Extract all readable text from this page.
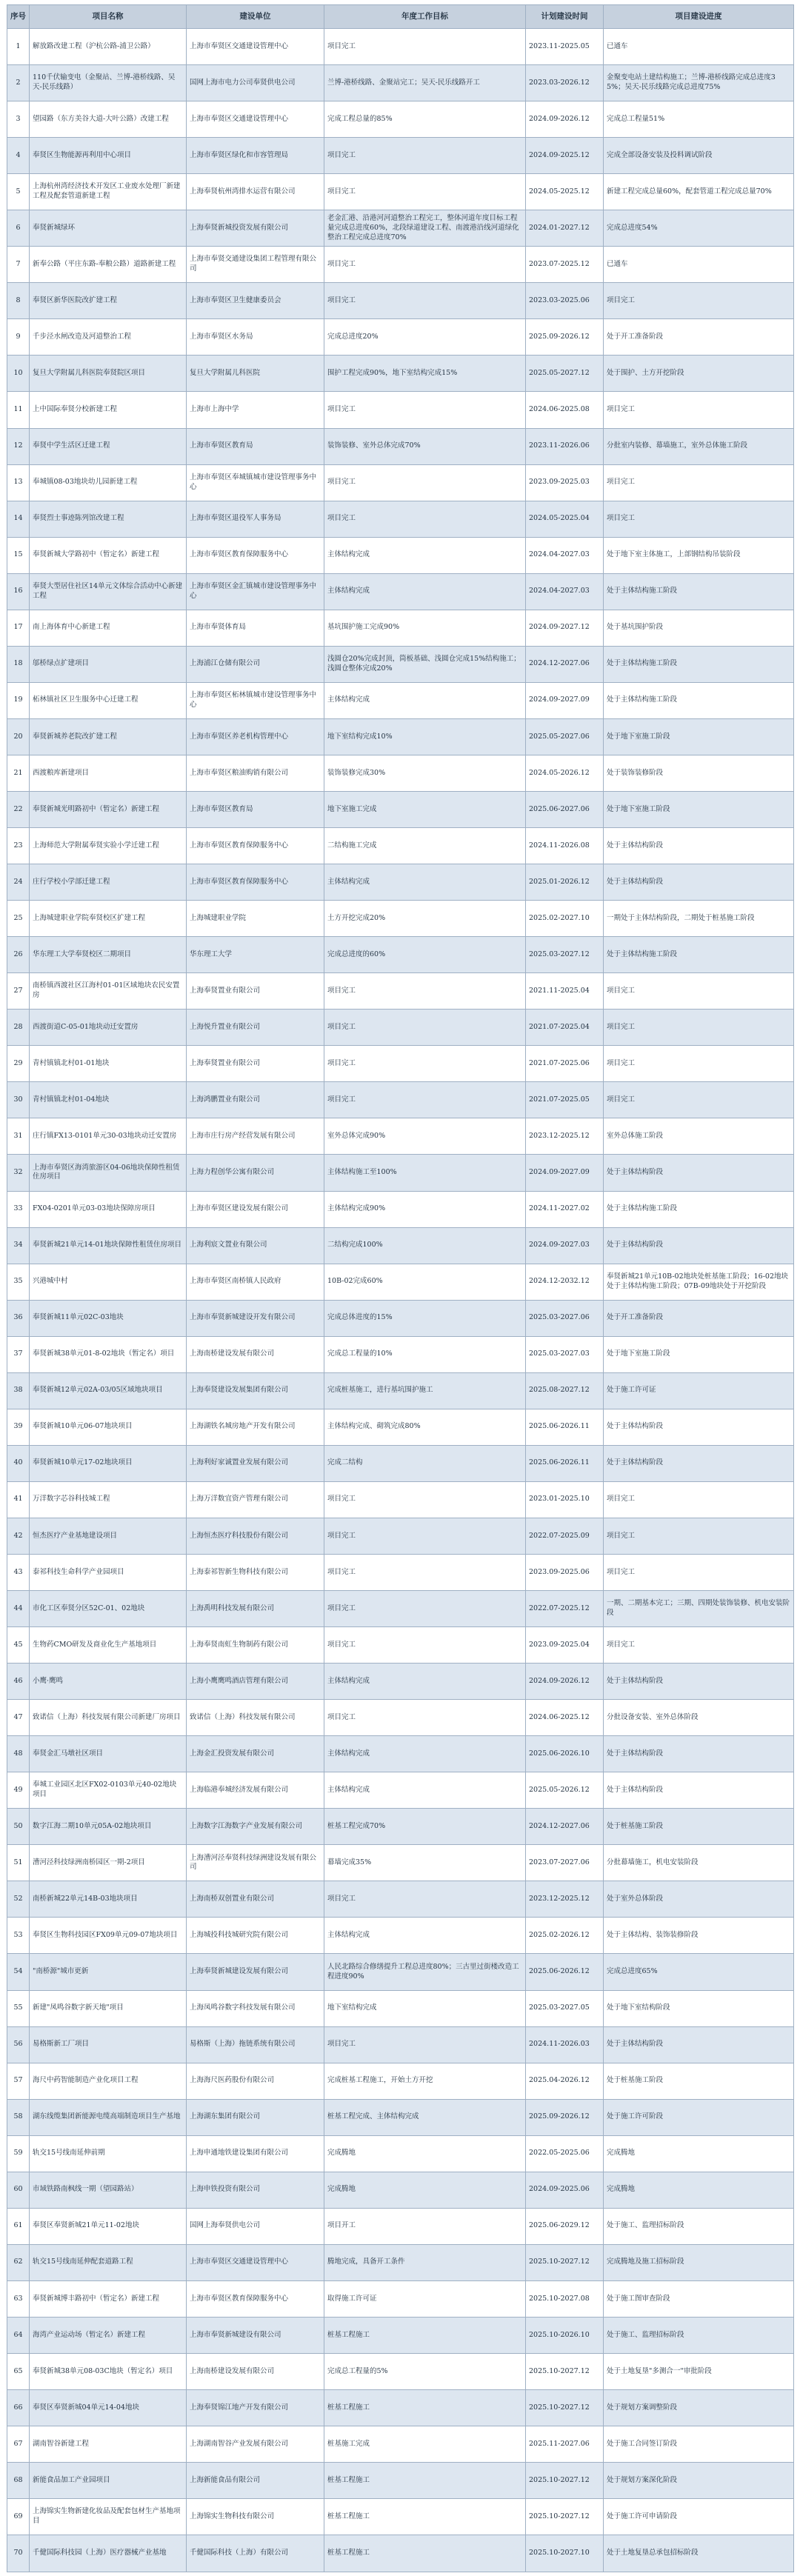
序号	项目名称	建设单位	年度工作目标	计划建设时间	项目建设进度
1	解放路改建工程（沪杭公路-浦卫公路）	上海市奉贤区交通建设管理中心	项目完工	2023.11-2025.05	已通车
2	110千伏输变电（金聚站、兰博-港桥线路、吴天-民乐线路）	国网上海市电力公司奉贤供电公司	兰博-港桥线路、金聚站完工；吴天-民乐线路开工	2023.03-2026.12	金聚变电站土建结构施工；兰博-港桥线路完成总进度35%；吴天-民乐线路完成总进度75%
3	望园路（东方美谷大道-大叶公路）改建工程	上海市奉贤区交通建设管理中心	完成工程总量的85%	2024.09-2026.12	完成总工程量51%
4	奉贤区生物能源再利用中心项目	上海市奉贤区绿化和市容管理局	项目完工	2024.09-2025.12	完成全部设备安装及投料调试阶段
5	上海杭州湾经济技术开发区工业废水处理厂新建工程及配套管道新建工程	上海奉贤杭州湾排水运营有限公司	项目完工	2024.05-2025.12	新建工程完成总量60%，配套管道工程完成总量70%
6	奉贤新城绿环	上海奉贤新城投资发展有限公司	老金汇港、沿港河河道整治工程完工，整体河道年度目标工程量完成总进度60%，北段绿道建设工程、南渡港沿线河道绿化整治工程完成总进度70%	2024.01-2027.12	完成总进度54%
7	新奉公路（平庄东路-奉粮公路）道路新建工程	上海市奉贤交通建设集团工程管理有限公司	项目完工	2023.07-2025.12	已通车
8	奉贤区新华医院改扩建工程	上海市奉贤区卫生健康委员会	项目完工	2023.03-2025.06	项目完工
9	千步泾水闸改造及河道整治工程	上海市奉贤区水务局	完成总进度20%	2025.09-2026.12	处于开工准备阶段
10	复旦大学附属儿科医院奉贤院区项目	复旦大学附属儿科医院	围护工程完成90%，地下室结构完成15%	2025.05-2027.12	处于围护、土方开挖阶段
11	上中国际奉贤分校新建工程	上海市上海中学	项目完工	2024.06-2025.08	项目完工
12	奉贤中学生活区迁建工程	上海市奉贤区教育局	装饰装修、室外总体完成70%	2023.11-2026.06	分批室内装修、幕墙施工，室外总体施工阶段
13	奉城镇08-03地块幼儿园新建工程	上海市奉贤区奉城镇城市建设管理事务中心	项目完工	2023.09-2025.03	项目完工
14	奉贤烈士事迹陈列馆改建工程	上海市奉贤区退役军人事务局	项目完工	2024.05-2025.04	项目完工
15	奉贤新城大学路初中（暂定名）新建工程	上海市奉贤区教育保障服务中心	主体结构完成	2024.04-2027.03	处于地下室主体施工，上部钢结构吊装阶段
16	奉贤大型居住社区14单元文体综合活动中心新建工程	上海市奉贤区金汇镇城市建设管理事务中心	主体结构完成	2024.04-2027.03	处于主体结构施工阶段
17	南上海体育中心新建工程	上海市奉贤体育局	基坑围护施工完成90%	2024.09-2027.12	处于基坑围护阶段
18	邬桥绿点扩建项目	上海浦江仓储有限公司	浅圆仓20%完成封顶，筒板基础、浅圆仓完成15%结构施工；浅圆仓整体完成20%	2024.12-2027.06	处于主体结构施工阶段
19	柘林镇社区卫生服务中心迁建工程	上海市奉贤区柘林镇城市建设管理事务中心	主体结构完成	2024.09-2027.09	处于主体结构施工阶段
20	奉贤新城养老院改扩建工程	上海市奉贤区养老机构管理中心	地下室结构完成10%	2025.05-2027.06	处于地下室施工阶段
21	西渡粮库新建项目	上海市奉贤区粮油购销有限公司	装饰装修完成30%	2024.05-2026.12	处于装饰装修阶段
22	奉贤新城光明路初中（暂定名）新建工程	上海市奉贤区教育局	地下室施工完成	2025.06-2027.06	处于地下室施工阶段
23	上海师范大学附属奉贤实验小学迁建工程	上海市奉贤区教育保障服务中心	二结构施工完成	2024.11-2026.08	处于主体结构阶段
24	庄行学校小学部迁建工程	上海市奉贤区教育保障服务中心	主体结构完成	2025.01-2026.12	处于主体结构阶段
25	上海城建职业学院奉贤校区扩建工程	上海城建职业学院	土方开挖完成20%	2025.02-2027.10	一期处于主体结构阶段，二期处于桩基施工阶段
26	华东理工大学奉贤校区二期项目	华东理工大学	完成总进度的60%	2025.03-2027.12	处于主体结构施工阶段
27	南桥镇西渡社区江海村01-01区域地块农民安置房	上海奉贤置业有限公司	项目完工	2021.11-2025.04	项目完工
28	西渡街道C-05-01地块动迁安置房	上海悦升置业有限公司	项目完工	2021.07-2025.04	项目完工
29	青村镇镇北村01-01地块	上海奉贤置业有限公司	项目完工	2021.07-2025.06	项目完工
30	青村镇镇北村01-04地块	上海鸿鹏置业有限公司	项目完工	2021.07-2025.05	项目完工
31	庄行镇FX13-0101单元30-03地块动迁安置房	上海市庄行房产经营发展有限公司	室外总体完成90%	2023.12-2025.12	室外总体施工阶段
32	上海市奉贤区海湾旅游区04-06地块保障性租赁住房项目	上海力程创华公寓有限公司	主体结构施工至100%	2024.09-2027.09	处于主体结构阶段
33	FX04-0201单元03-03地块保障房项目	上海市奉贤区建设发展有限公司	主体结构完成90%	2024.11-2027.02	处于主体结构施工阶段
34	奉贤新城21单元14-01地块保障性租赁住房项目	上海利宸文置业有限公司	二结构完成100%	2024.09-2027.03	处于主体结构阶段
35	兴港城中村	上海市奉贤区南桥镇人民政府	10B-02完成60%	2024.12-2032.12	奉贤新城21单元10B-02地块处桩基施工阶段；16-02地块处于主体结构施工阶段；07B-09地块处于开挖阶段
36	奉贤新城11单元02C-03地块	上海市奉贤新城建设开发有限公司	完成总体进度的15%	2025.03-2027.06	处于开工准备阶段
37	奉贤新城38单元01-8-02地块（暂定名）项目	上海南桥建设发展有限公司	完成总工程量的10%	2025.03-2027.03	处于地下室施工阶段
38	奉贤新城12单元02A-03/05区域地块项目	上海奉贤建设发展集团有限公司	完成桩基施工，进行基坑围护施工	2025.08-2027.12	处于施工许可证
39	奉贤新城10单元06-07地块项目	上海湖铁名城房地产开发有限公司	主体结构完成、砌筑完成80%	2025.06-2026.11	处于主体结构阶段
40	奉贤新城10单元17-02地块项目	上海利好家诚置业发展有限公司	完成二结构	2025.06-2026.11	处于主体结构阶段
41	万洋数字芯谷科技城工程	上海万洋数宜资产管理有限公司	项目完工	2023.01-2025.10	项目完工
42	恒杰医疗产业基地建设项目	上海恒杰医疗科技股份有限公司	项目完工	2022.07-2025.09	项目完工
43	泰祁科技生命科学产业园项目	上海泰祁智新生物科技有限公司	项目完工	2023.09-2025.06	项目完工
44	市化工区奉贤分区52C-01、02地块	上海禹明科技发展有限公司	项目完工	2022.07-2025.12	一期、二期基本完工；三期、四期处装饰装修、机电安装阶段
45	生物药CMO研发及商业化生产基地项目	上海奉贤南虹生物制药有限公司	项目完工	2023.09-2025.04	项目完工
46	小鹰·鹰鸣	上海小鹰鹰鸣酒店管理有限公司	主体结构完成	2024.09-2026.12	处于主体结构阶段
47	致诺信（上海）科技发展有限公司新建厂房项目	致诺信（上海）科技发展有限公司	项目完工	2024.06-2025.12	分批设备安装、室外总体阶段
48	奉贤金汇马墩社区项目	上海金汇投资发展有限公司	主体结构完成	2025.06-2026.10	处于主体结构阶段
49	奉城工业园区北区FX02-0103单元40-02地块项目	上海临港奉城经济发展有限公司	主体结构完成	2025.05-2026.12	处于主体结构阶段
50	数字江海二期10单元05A-02地块项目	上海数字江海数字产业发展有限公司	桩基工程完成70%	2024.12-2027.06	处于桩基施工阶段
51	漕河泾科技绿洲南桥园区一期-2项目	上海漕河泾奉贤科技绿洲建设发展有限公司	幕墙完成35%	2023.07-2027.06	分批幕墙施工，机电安装阶段
52	南桥新城22单元14B-03地块项目	上海南桥双创置业有限公司	项目完工	2023.12-2025.12	处于室外总体阶段
53	奉贤区生物科技园区FX09单元09-07地块项目	上海城投科技城研究院有限公司	主体结构完成	2025.02-2026.12	处于主体结构、装饰装修阶段
54	"南桥源"城市更新	上海奉贤新城建设发展有限公司	人民北路综合修缮提升工程总进度80%；三古里过街楼改造工程进度90%	2025.06-2026.12	完成总进度65%
55	新建"凤鸣谷数字新天地"项目	上海凤鸣谷数字科技发展有限公司	地下室结构完成	2025.03-2027.05	处于地下室结构阶段
56	易格斯新工厂项目	易格斯（上海）拖链系统有限公司	项目完工	2024.11-2026.03	处于主体结构阶段
57	海尺中药智能制造产业化项目工程	上海海尺医药股份有限公司	完成桩基工程施工，开始土方开挖	2025.04-2026.12	处于桩基施工阶段
58	湖东线缆集团新能源电缆高端制造项目生产基地	上海湖东集团有限公司	桩基工程完成、主体结构完成	2025.09-2026.12	处于施工许可阶段
59	轨交15号线南延伸前期	上海申通地铁建设集团有限公司	完成腾地	2022.05-2025.06	完成腾地
60	市域铁路南枫线一期（望园路站）	上海申铁投资有限公司	完成腾地	2024.09-2025.06	完成腾地
61	奉贤区奉贤新城21单元11-02地块	国网上海奉贤供电公司	项目开工	2025.06-2029.12	处于施工、监理招标阶段
62	轨交15号线南延伸配套道路工程	上海市奉贤区交通建设管理中心	腾地完成，具备开工条件	2025.10-2027.12	完成腾地及施工招标阶段
63	奉贤新城博丰路初中（暂定名）新建工程	上海市奉贤区教育保障服务中心	取得施工许可证	2025.10-2027.08	处于施工图审查阶段
64	海湾产业运动场（暂定名）新建工程	上海市奉贤新城建设有限公司	桩基工程施工	2025.10-2026.10	处于施工、监理招标阶段
65	奉贤新城38单元08-03C地块（暂定名）项目	上海南桥建设发展有限公司	完成总工程量的5%	2025.10-2027.12	处于土地复垦"多测合一"审批阶段
66	奉贤区奉贤新城04单元14-04地块	上海奉贤锦江地产开发有限公司	桩基工程施工	2025.10-2027.12	处于规划方案调整阶段
67	湖南智谷新建工程	上海湖南智谷产业发展有限公司	桩基施工完成	2025.11-2027.06	处于施工合同签订阶段
68	新能食品加工产业园项目	上海新能食品有限公司	桩基工程施工	2025.10-2027.12	处于规划方案深化阶段
69	上海锦实生物新建化妆品及配套包材生产基地项目	上海锦实生物科技有限公司	桩基工程施工	2025.10-2027.12	处于施工许可申请阶段
70	千健国际科技园（上海）医疗器械产业基地	千健国际科技（上海）有限公司	桩基工程施工	2025.10-2027.10	处于土地复垦总承包招标阶段
